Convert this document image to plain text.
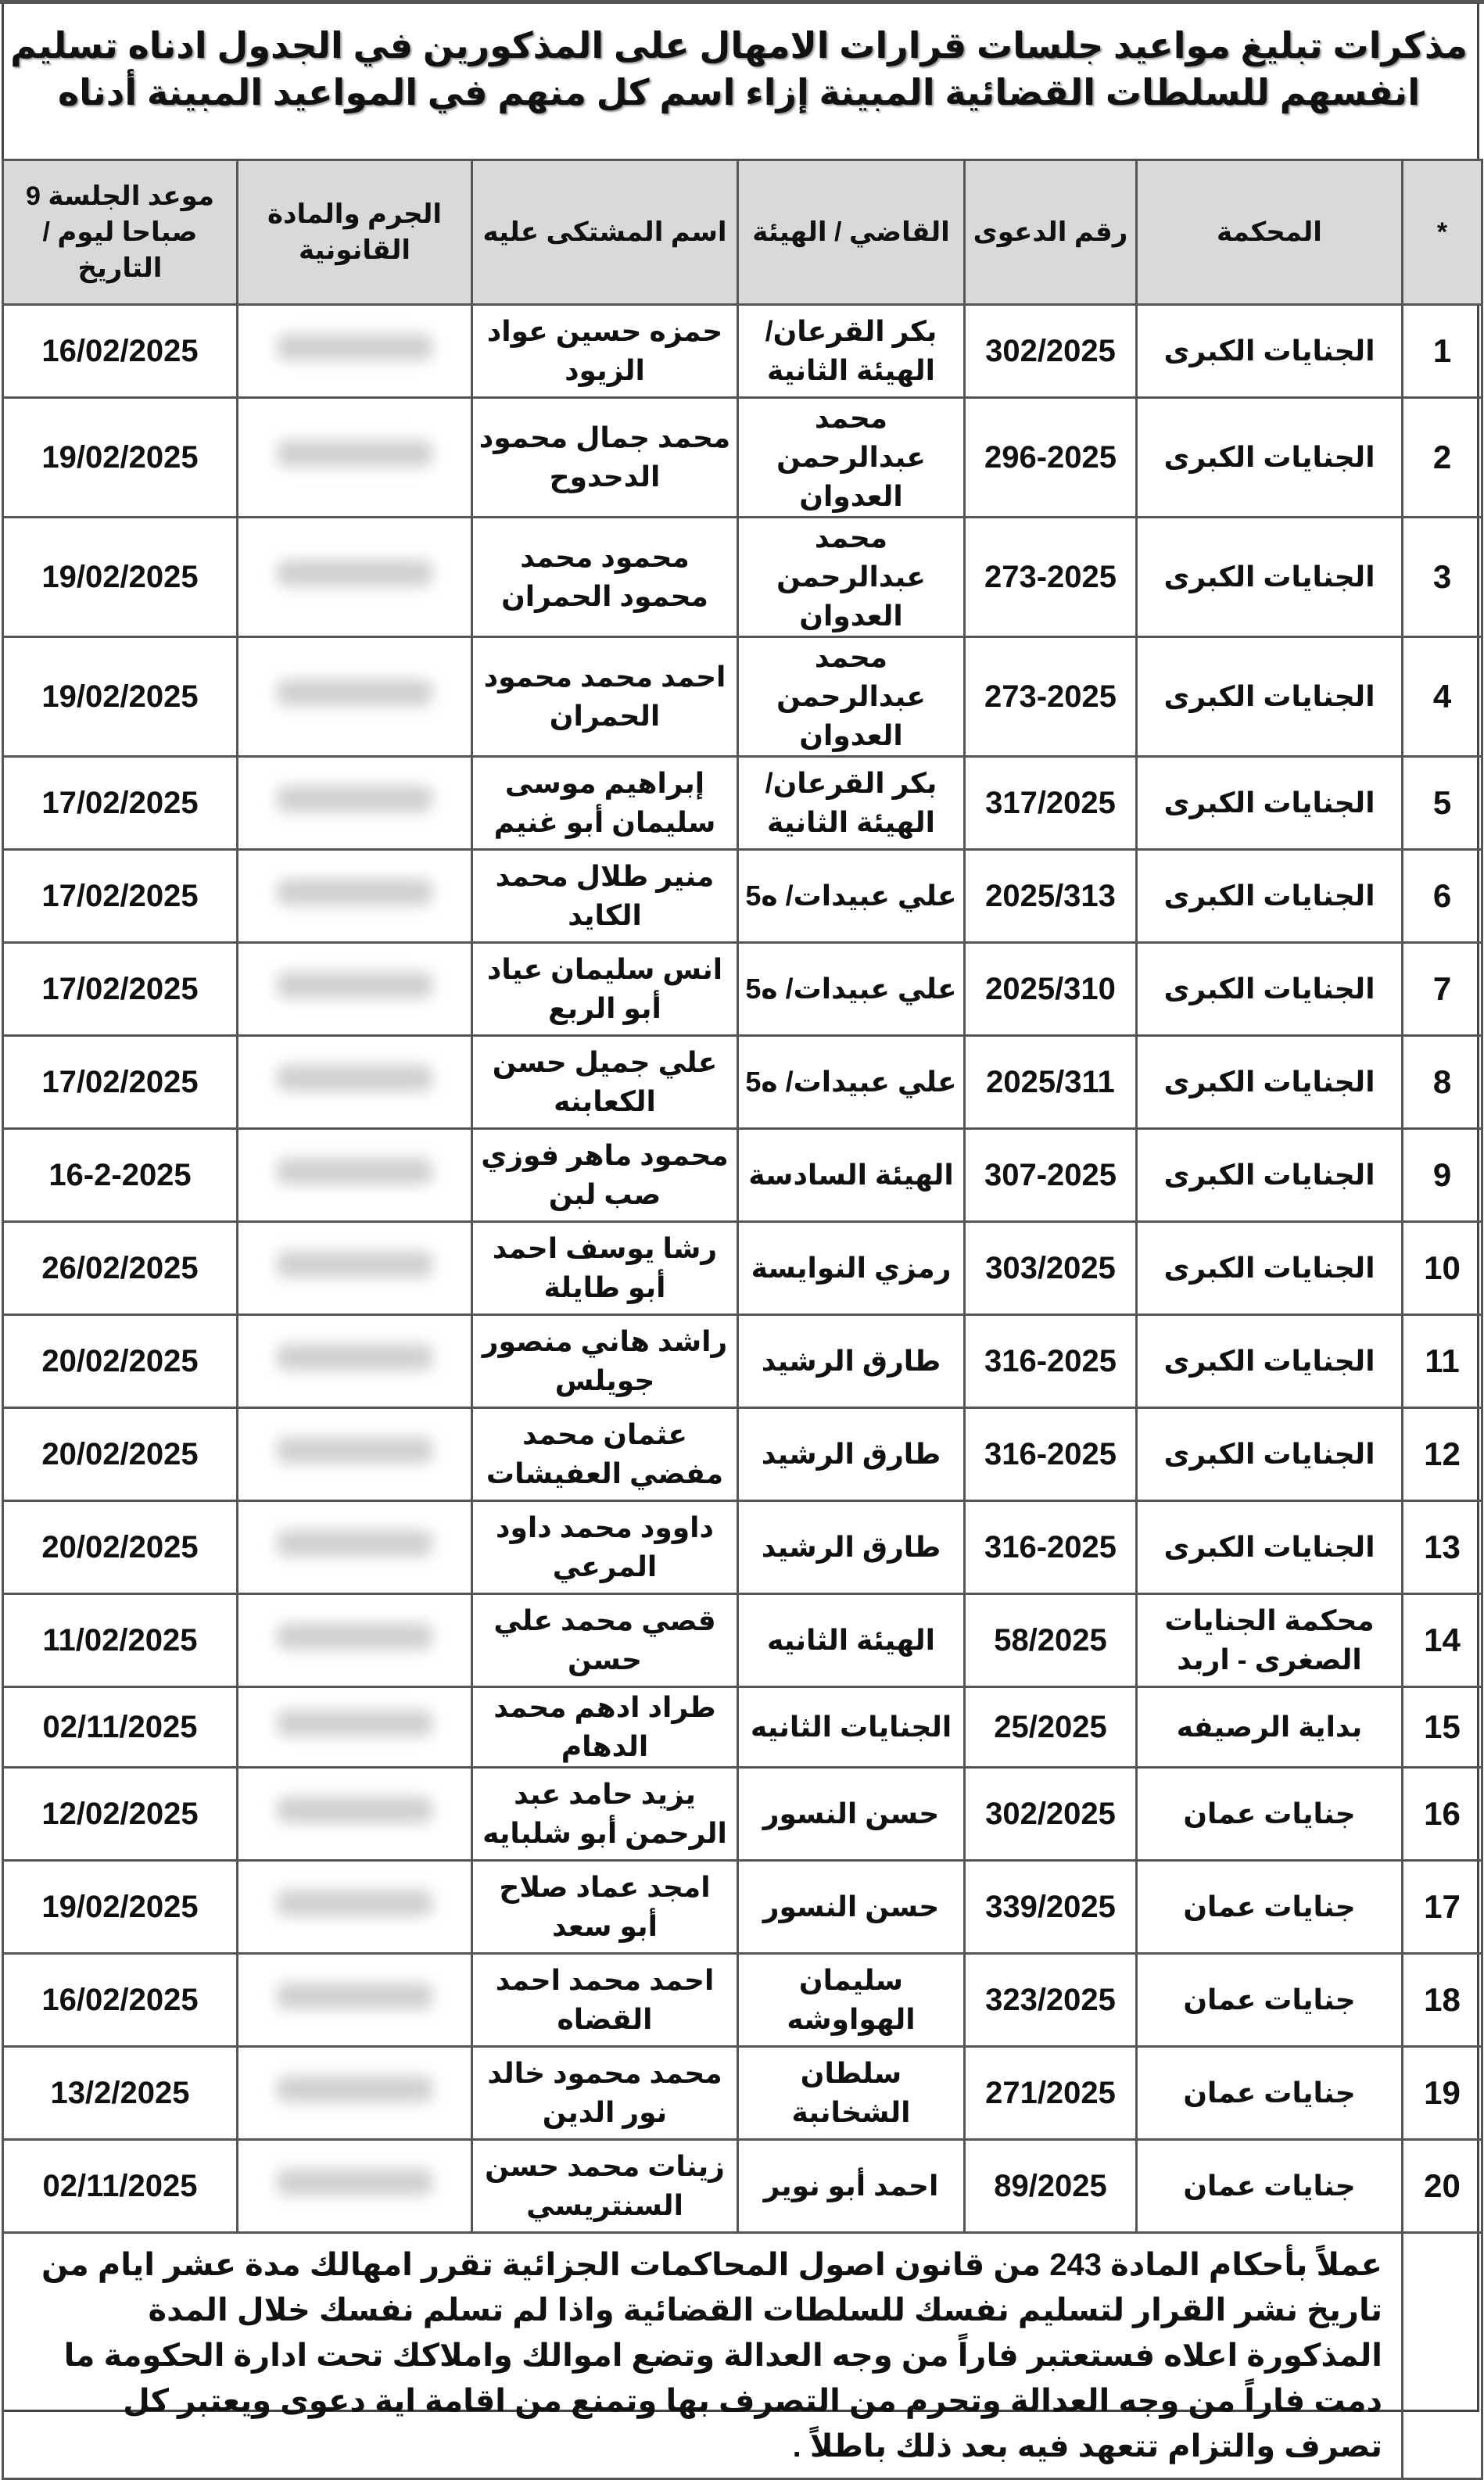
مذكرات تبليغ مواعيد جلسات قرارات الامهال على المذكورين في الجدول ادناه تسليم انفسهم للسلطات القضائية المبينة إزاء اسم كل منهم في المواعيد المبينة أدناه
*	المحكمة	رقم الدعوى	القاضي / الهيئة	اسم المشتكى عليه	الجرم والمادة القانونية	موعد الجلسة 9 صباحا ليوم / التاريخ
1	الجنايات الكبرى	302/2025	بكر القرعان/الهيئة الثانية	حمزه حسين عواد الزيود		16/02/2025
2	الجنايات الكبرى	296-2025	محمد عبدالرحمن العدوان	محمد جمال محمود الدحدوح		19/02/2025
3	الجنايات الكبرى	273-2025	محمد عبدالرحمن العدوان	محمود محمد محمود الحمران		19/02/2025
4	الجنايات الكبرى	273-2025	محمد عبدالرحمن العدوان	احمد محمد محمود الحمران		19/02/2025
5	الجنايات الكبرى	317/2025	بكر القرعان/الهيئة الثانية	إبراهيم موسى سليمان أبو غنيم		17/02/2025
6	الجنايات الكبرى	2025/313	علي عبيدات/ ه5	منير طلال محمد الكايد		17/02/2025
7	الجنايات الكبرى	2025/310	علي عبيدات/ ه5	انس سليمان عياد أبو الربع		17/02/2025
8	الجنايات الكبرى	2025/311	علي عبيدات/ ه5	علي جميل حسن الكعابنه		17/02/2025
9	الجنايات الكبرى	307-2025	الهيئة السادسة	محمود ماهر فوزي صب لبن		16-2-2025
10	الجنايات الكبرى	303/2025	رمزي النوايسة	رشا يوسف احمد أبو طايلة		26/02/2025
11	الجنايات الكبرى	316-2025	طارق الرشيد	راشد هاني منصور جويلس		20/02/2025
12	الجنايات الكبرى	316-2025	طارق الرشيد	عثمان محمد مفضي العفيشات		20/02/2025
13	الجنايات الكبرى	316-2025	طارق الرشيد	داوود محمد داود المرعي		20/02/2025
14	محكمة الجنايات الصغرى - اربد	58/2025	الهيئة الثانيه	قصي محمد علي حسن		11/02/2025
15	بداية الرصيفه	25/2025	الجنايات الثانيه	طراد ادهم محمد الدهام		02/11/2025
16	جنايات عمان	302/2025	حسن النسور	يزيد حامد عبد الرحمن أبو شلبايه		12/02/2025
17	جنايات عمان	339/2025	حسن النسور	امجد عماد صلاح أبو سعد		19/02/2025
18	جنايات عمان	323/2025	سليمان الهواوشه	احمد محمد احمد القضاه		16/02/2025
19	جنايات عمان	271/2025	سلطان الشخانبة	محمد محمود خالد نور الدين		13/2/2025
20	جنايات عمان	89/2025	احمد أبو نوير	زينات محمد حسن السنتريسي		02/11/2025
	عملاً بأحكام المادة 243 من قانون اصول المحاكمات الجزائية تقرر امهالك مدة عشر ايام من تاريخ نشر القرار لتسليم نفسك للسلطات القضائية واذا لم تسلم نفسك خلال المدة المذكورة اعلاه فستعتبر فاراً من وجه العدالة وتضع اموالك واملاكك تحت ادارة الحكومة ما دمت فاراً من وجه العدالة وتحرم من التصرف بها وتمنع من اقامة اية دعوى ويعتبر كل تصرف والتزام تتعهد فيه بعد ذلك باطلاً .					
